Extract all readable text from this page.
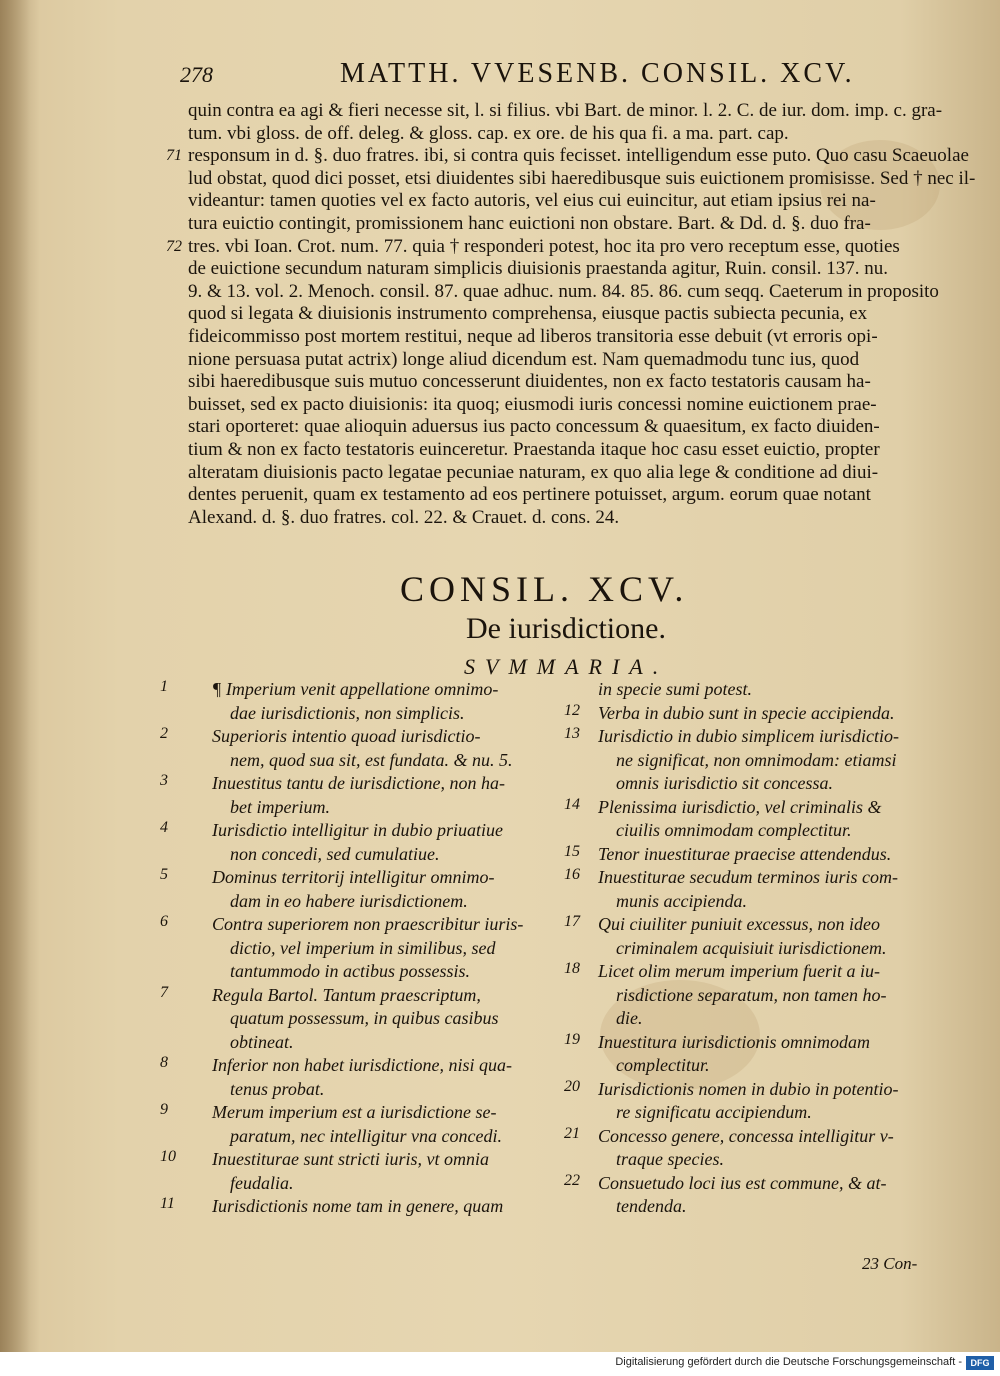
278	MATTH. VVESENB. CONSIL. XCV.
quin contra ea agi & fieri necesse sit, l. si filius. vbi Bart. de minor. l. 2. C. de iur. dom. imp. c. gra-
tum. vbi gloss. de off. deleg. & gloss. cap. ex ore. de his qua fi. a ma. part. cap.
71 responsum in d. §. duo fratres. ibi, si contra quis fecisset. intelligendum esse puto. Quo casu Scaeuolae
lud obstat, quod dici posset, etsi diuidentes sibi haeredibusque suis euictionem promisisse. Sed † nec il-
videantur: tamen quoties vel ex facto autoris, vel eius cui euincitur, aut etiam ipsius rei na-
tura euictio contingit, promissionem hanc euictioni non obstare. Bart. & Dd. d. §. duo fra-
72 tres. vbi Ioan. Crot. num. 77. quia † responderi potest, hoc ita pro vero receptum esse, quoties
de euictione secundum naturam simplicis diuisionis praestanda agitur, Ruin. consil. 137. nu.
9. & 13. vol. 2. Menoch. consil. 87. quae adhuc. num. 84. 85. 86. cum seqq. Caeterum in proposito
quod si legata & diuisionis instrumento comprehensa, eiusque pactis subiecta pecunia, ex
fideicommisso post mortem restitui, neque ad liberos transitoria esse debuit (vt erroris opi-
nione persuasa putat actrix) longe aliud dicendum est. Nam quemadmodu tunc ius, quod
sibi haeredibusque suis mutuo concesserunt diuidentes, non ex facto testatoris causam ha-
buisset, sed ex pacto diuisionis: ita quoq; eiusmodi iuris concessi nomine euictionem prae-
stari oporteret: quae alioquin aduersus ius pacto concessum & quaesitum, ex facto diuiden-
tium & non ex facto testatoris euinceretur. Praestanda itaque hoc casu esset euictio, propter
alteratam diuisionis pacto legatae pecuniae naturam, ex quo alia lege & conditione ad diui-
dentes peruenit, quam ex testamento ad eos pertinere potuisset, argum. eorum quae notant
Alexand. d. §. duo fratres. col. 22. & Crauet. d. cons. 24.
CONSIL. XCV.
De iurisdictione.
SVMMARIA.
1 ¶ Imperium venit appellatione omnimo-
dae iurisdictionis, non simplicis.
2 Superioris intentio quoad iurisdictio-
nem, quod sua sit, est fundata. & nu. 5.
3 Inuestitus tantu de iurisdictione, non ha-
bet imperium.
4 Iurisdictio intelligitur in dubio priuatiue
non concedi, sed cumulatiue.
5 Dominus territorij intelligitur omnimo-
dam in eo habere iurisdictionem.
6 Contra superiorem non praescribitur iuris-
dictio, vel imperium in similibus, sed
tantummodo in actibus possessis.
7 Regula Bartol. Tantum praescriptum,
quatum possessum, in quibus casibus
obtineat.
8 Inferior non habet iurisdictione, nisi qua-
tenus probat.
9 Merum imperium est a iurisdictione se-
paratum, nec intelligitur vna concedi.
10 Inuestiturae sunt stricti iuris, vt omnia
feudalia.
11 Iurisdictionis nome tam in genere, quam
in specie sumi potest.
12 Verba in dubio sunt in specie accipienda.
13 Iurisdictio in dubio simplicem iurisdictio-
ne significat, non omnimodam: etiamsi
omnis iurisdictio sit concessa.
14 Plenissima iurisdictio, vel criminalis &
ciuilis omnimodam complectitur.
15 Tenor inuestiturae praecise attendendus.
16 Inuestiturae secudum terminos iuris com-
munis accipienda.
17 Qui ciuiliter puniuit excessus, non ideo
criminalem acquisiuit iurisdictionem.
18 Licet olim merum imperium fuerit a iu-
risdictione separatum, non tamen ho-
die.
19 Inuestitura iurisdictionis omnimodam
complectitur.
20 Iurisdictionis nomen in dubio in potentio-
re significatu accipiendum.
21 Concesso genere, concessa intelligitur v-
traque species.
22 Consuetudo loci ius est commune, & at-
tendenda.
23 Con-
Digitalisierung gefördert durch die Deutsche Forschungsgemeinschaft - DFG
